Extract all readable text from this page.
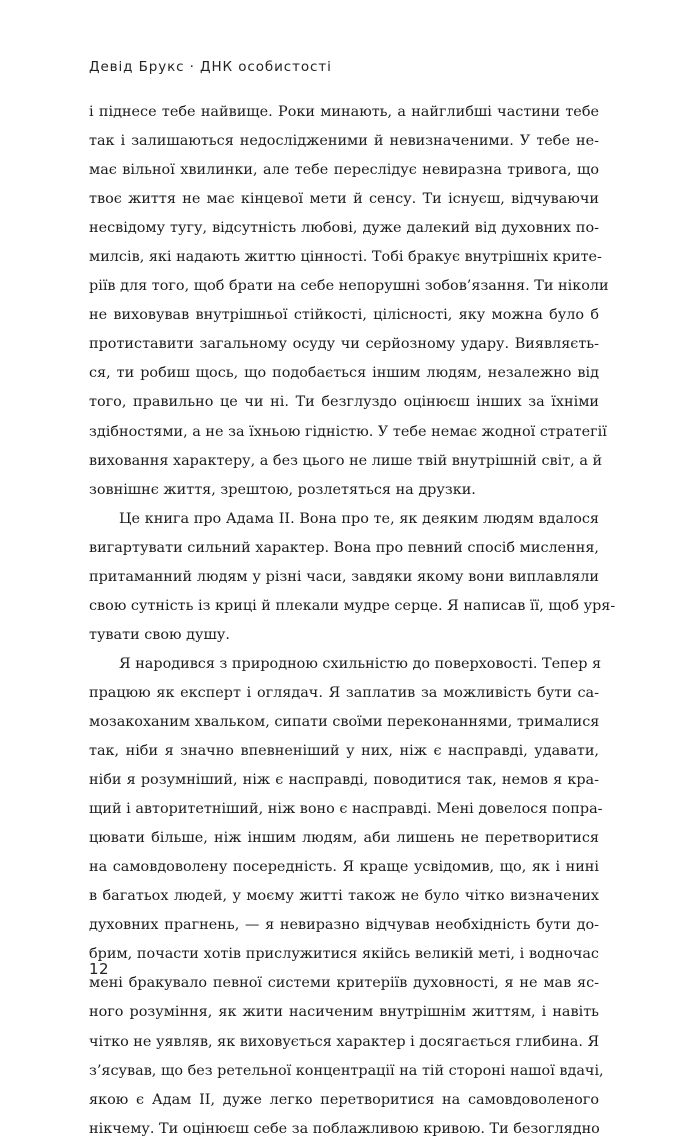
Девід Брукс · ДНК особистості
і піднесе тебе найвище. Роки минають, а найглибші частини тебе
так і залишаються недослідженими й невизначеними. У тебе не-
має вільної хвилинки, але тебе переслідує невиразна тривога, що
твоє життя не має кінцевої мети й сенсу. Ти існуєш, відчуваючи
несвідому тугу, відсутність любові, дуже далекий від духовних по-
милсів, які надають життю цінності. Тобі бракує внутрішніх крите-
ріїв для того, щоб брати на себе непорушні зобов’язання. Ти ніколи
не виховував внутрішньої стійкості, цілісності, яку можна було б
протиставити загальному осуду чи серйозному удару. Виявляєть-
ся, ти робиш щось, що подобається іншим людям, незалежно від
того, правильно це чи ні. Ти безглуздо оцінюєш інших за їхніми
здібностями, а не за їхньою гідністю. У тебе немає жодної стратегії
виховання характеру, а без цього не лише твій внутрішній світ, а й
зовнішнє життя, зрештою, розлетяться на друзки.
Це книга про Адама II. Вона про те, як деяким людям вдалося
вигартувати сильний характер. Вона про певний спосіб мислення,
притаманний людям у різні часи, завдяки якому вони виплавляли
свою сутність із криці й плекали мудре серце. Я написав її, щоб уря-
тувати свою душу.
Я народився з природною схильністю до поверховості. Тепер я
працюю як експерт і оглядач. Я заплатив за можливість бути са-
мозакоханим хвальком, сипати своїми переконаннями, трималися
так, ніби я значно впевненіший у них, ніж є насправді, удавати,
ніби я розумніший, ніж є насправді, поводитися так, немов я кра-
щий і авторитетніший, ніж воно є насправді. Мені довелося попра-
цювати більше, ніж іншим людям, аби лишень не перетворитися
на самовдоволену посередність. Я краще усвідомив, що, як і нині
в багатьох людей, у моєму житті також не було чітко визначених
духовних прагнень, — я невиразно відчував необхідність бути до-
брим, почасти хотів прислужитися якійсь великій меті, і водночас
мені бракувало певної системи критеріїв духовності, я не мав яс-
ного розуміння, як жити насиченим внутрішнім життям, і навіть
чітко не уявляв, як виховується характер і досягається глибина. Я
з’ясував, що без ретельної концентрації на тій стороні нашої вдачі,
якою є Адам II, дуже легко перетворитися на самовдоволеного
нікчему. Ти оцінюєш себе за поблажливою кривою. Ти безоглядно
12
